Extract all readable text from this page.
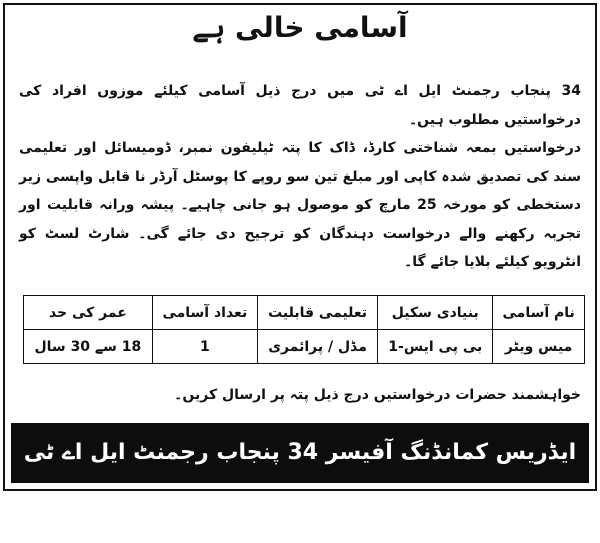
آسامی خالی ہے

34 پنجاب رجمنٹ ایل اے ٹی میں درج ذیل آسامی کیلئے موزوں افراد کی درخواستیں مطلوب ہیں۔

درخواستیں بمعہ شناختی کارڈ، ڈاک کا پتہ ٹیلیفون نمبر، ڈومیسائل اور تعلیمی سند کی تصدیق شدہ کاپی اور مبلغ تین سو روپے کا پوسٹل آرڈر نا قابل واپسی زیر دستخطی کو مورخہ 25 مارچ کو موصول ہو جانی چاہیے۔ پیشہ ورانہ قابلیت اور تجربہ رکھنے والے درخواست دہندگان کو ترجیح دی جائے گی۔ شارٹ لسٹ کو انٹرویو کیلئے بلایا جائے گا۔

نام آسامی	بنیادی سکیل	تعلیمی قابلیت	تعداد آسامی	عمر کی حد
میس ویٹر	بی پی ایس-1	مڈل / پرائمری	1	18 سے 30 سال
خواہشمند حضرات درخواستیں درج ذیل پتہ پر ارسال کریں۔
ایڈریس کمانڈنگ آفیسر 34 پنجاب رجمنٹ ایل اے ٹی سیالکوٹ کینٹ
